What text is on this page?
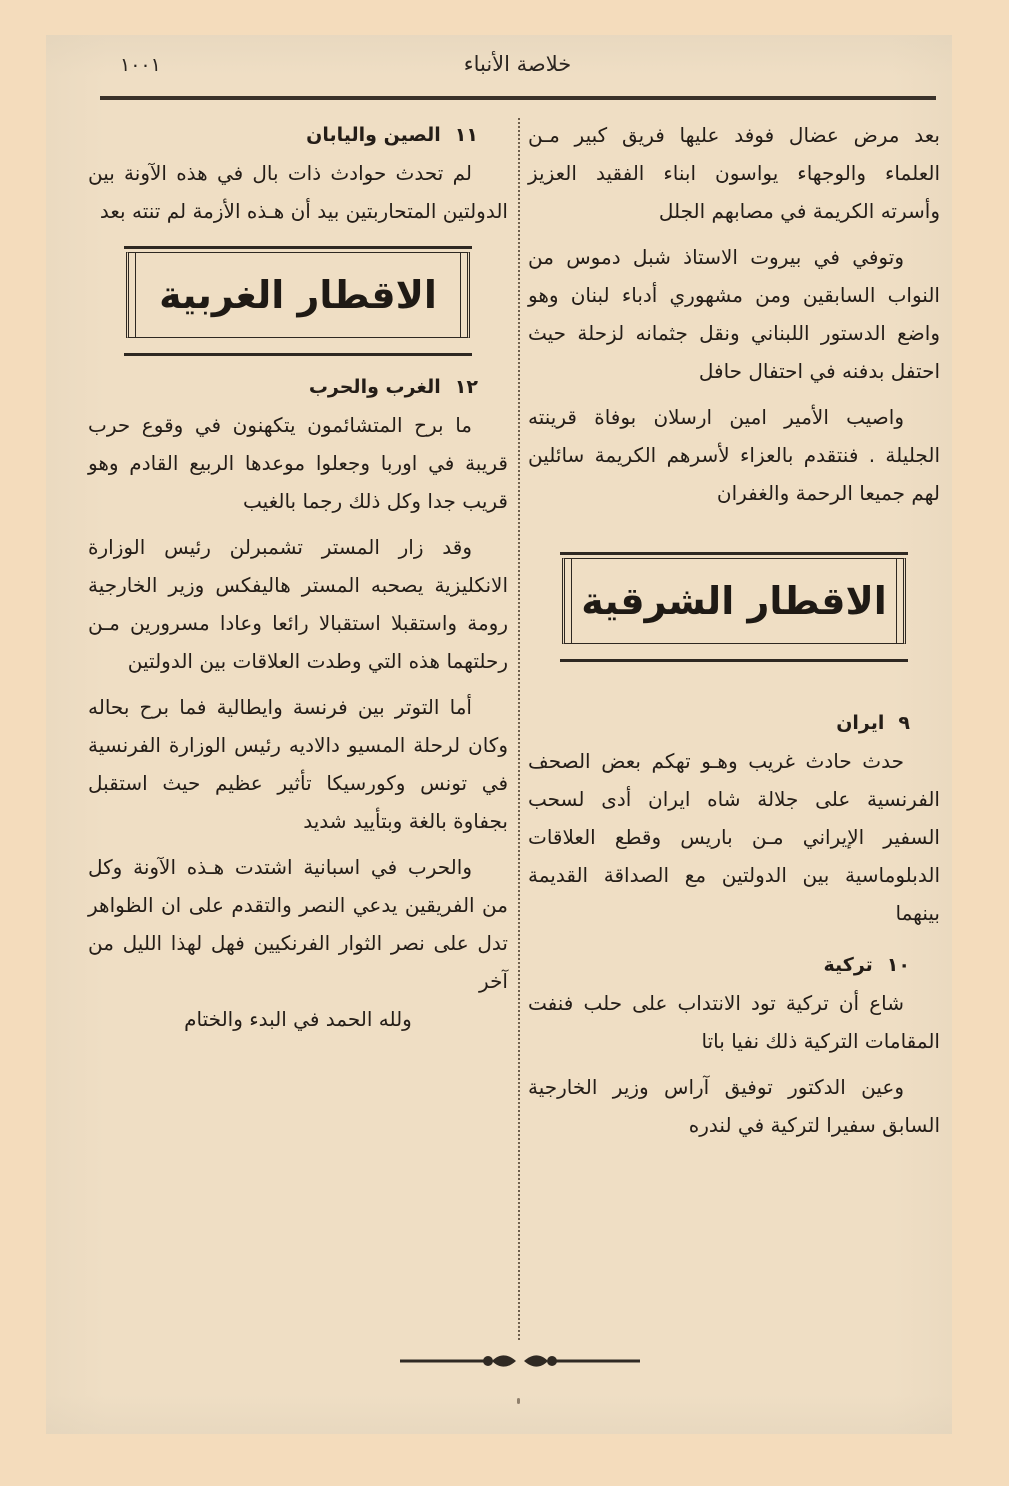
خلاصة الأنباء
١٠٠١

بعد مرض عضال فوفد عليها فريق كبير مـن العلماء والوجهاء يواسون ابناء الفقيد العزيز وأسرته الكريمة في مصابهم الجلل

وتوفي في بيروت الاستاذ شبل دموس من النواب السابقين ومن مشهوري أدباء لبنان وهو واضع الدستور اللبناني ونقل جثمانه لزحلة حيث احتفل بدفنه في احتفال حافل

واصيب الأمير امين ارسلان بوفاة قرينته الجليلة . فنتقدم بالعزاء لأسرهم الكريمة سائلين لهم جميعا الرحمة والغفران

الاقطار الشرقية

٩ايران

حدث حادث غريب وهـو تهكم بعض الصحف الفرنسية على جلالة شاه ايران أدى لسحب السفير الإيراني مـن باريس وقطع العلاقات الدبلوماسية بين الدولتين مع الصداقة القديمة بينهما

١٠تركية

شاع أن تركية تود الانتداب على حلب فنفت المقامات التركية ذلك نفيا باتا

وعين الدكتور توفيق آراس وزير الخارجية السابق سفيرا لتركية في لندره

١١الصين واليابان

لم تحدث حوادث ذات بال في هذه الآونة بين الدولتين المتحاربتين بيد أن هـذه الأزمة لم تنته بعد

الاقطار الغربية

١٢الغرب والحرب

ما برح المتشائمون يتكهنون في وقوع حرب قريبة في اوربا وجعلوا موعدها الربيع القادم وهو قريب جدا وكل ذلك رجما بالغيب

وقد زار المستر تشمبرلن رئيس الوزارة الانكليزية يصحبه المستر هاليفكس وزير الخارجية رومة واستقبلا استقبالا رائعا وعادا مسرورين مـن رحلتهما هذه التي وطدت العلاقات بين الدولتين

أما التوتر بين فرنسة وايطالية فما برح بحاله وكان لرحلة المسيو دالاديه رئيس الوزارة الفرنسية في تونس وكورسيكا تأثير عظيم حيث استقبل بجفاوة بالغة وبتأييد شديد

والحرب في اسبانية اشتدت هـذه الآونة وكل من الفريقين يدعي النصر والتقدم على ان الظواهر تدل على نصر الثوار الفرنكيين فهل لهذا الليل من آخر

ولله الحمد في البدء والختام
